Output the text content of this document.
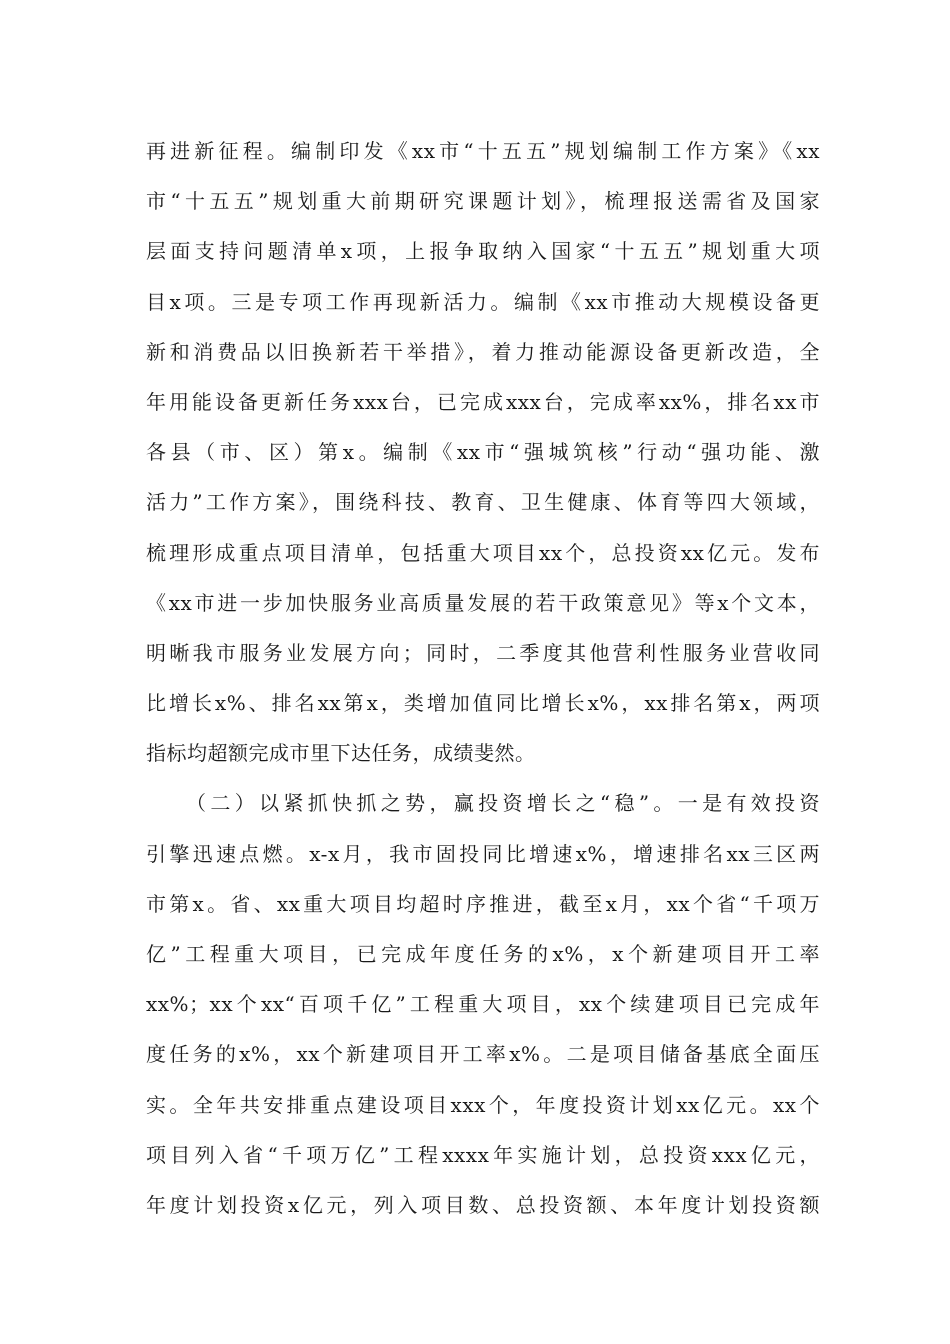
再进新征程。编制印发《xx市“十五五”规划编制工作方案》《xx
市“十五五”规划重大前期研究课题计划》，梳理报送需省及国家
层面支持问题清单x项，上报争取纳入国家“十五五”规划重大项
目x项。三是专项工作再现新活力。编制《xx市推动大规模设备更
新和消费品以旧换新若干举措》，着力推动能源设备更新改造，全
年用能设备更新任务xxx台，已完成xxx台，完成率xx%，排名xx市
各县（市、区）第x。编制《xx市“强城筑核”行动“强功能、激
活力”工作方案》，围绕科技、教育、卫生健康、体育等四大领域，
梳理形成重点项目清单，包括重大项目xx个，总投资xx亿元。发布
《xx市进一步加快服务业高质量发展的若干政策意见》等x个文本，
明晰我市服务业发展方向；同时，二季度其他营利性服务业营收同
比增长x%、排名xx第x，类增加值同比增长x%，xx排名第x，两项
指标均超额完成市里下达任务，成绩斐然。
（二）以紧抓快抓之势，赢投资增长之“稳”。一是有效投资
引擎迅速点燃。x-x月，我市固投同比增速x%，增速排名xx三区两
市第x。省、xx重大项目均超时序推进，截至x月，xx个省“千项万
亿”工程重大项目，已完成年度任务的x%，x个新建项目开工率
xx%；xx个xx“百项千亿”工程重大项目，xx个续建项目已完成年
度任务的x%，xx个新建项目开工率x%。二是项目储备基底全面压
实。全年共安排重点建设项目xxx个，年度投资计划xx亿元。xx个
项目列入省“千项万亿”工程xxxx年实施计划，总投资xxx亿元，
年度计划投资x亿元，列入项目数、总投资额、本年度计划投资额
